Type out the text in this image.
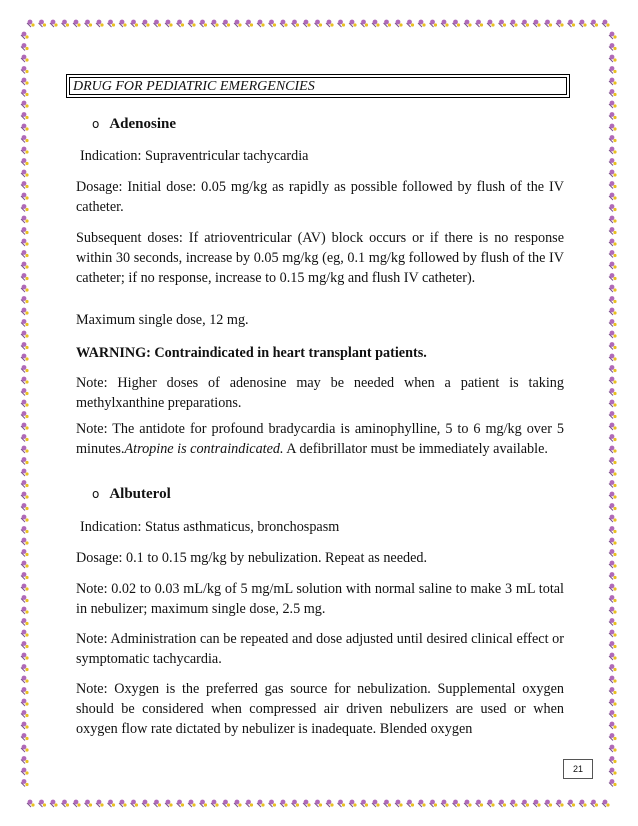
DRUG FOR PEDIATRIC EMERGENCIES
o Adenosine

Indication: Supraventricular tachycardia

Dosage: Initial dose: 0.05 mg/kg as rapidly as possible followed by flush of the IV catheter.

Subsequent doses: If atrioventricular (AV) block occurs or if there is no response within 30 seconds, increase by 0.05 mg/kg (eg, 0.1 mg/kg followed by flush of the IV catheter; if no response, increase to 0.15 mg/kg and flush IV catheter).

Maximum single dose, 12 mg.

WARNING: Contraindicated in heart transplant patients.

Note: Higher doses of adenosine may be needed when a patient is taking methylxanthine preparations.

Note: The antidote for profound bradycardia is aminophylline, 5 to 6 mg/kg over 5 minutes.Atropine is contraindicated. A defibrillator must be immediately available.

o Albuterol

Indication: Status asthmaticus, bronchospasm

Dosage: 0.1 to 0.15 mg/kg by nebulization. Repeat as needed.

Note: 0.02 to 0.03 mL/kg of 5 mg/mL solution with normal saline to make 3 mL total in nebulizer; maximum single dose, 2.5 mg.

Note: Administration can be repeated and dose adjusted until desired clinical effect or symptomatic tachycardia.

Note: Oxygen is the preferred gas source for nebulization. Supplemental oxygen should be considered when compressed air driven nebulizers are used or when oxygen flow rate dictated by nebulizer is inadequate. Blended oxygen

21
